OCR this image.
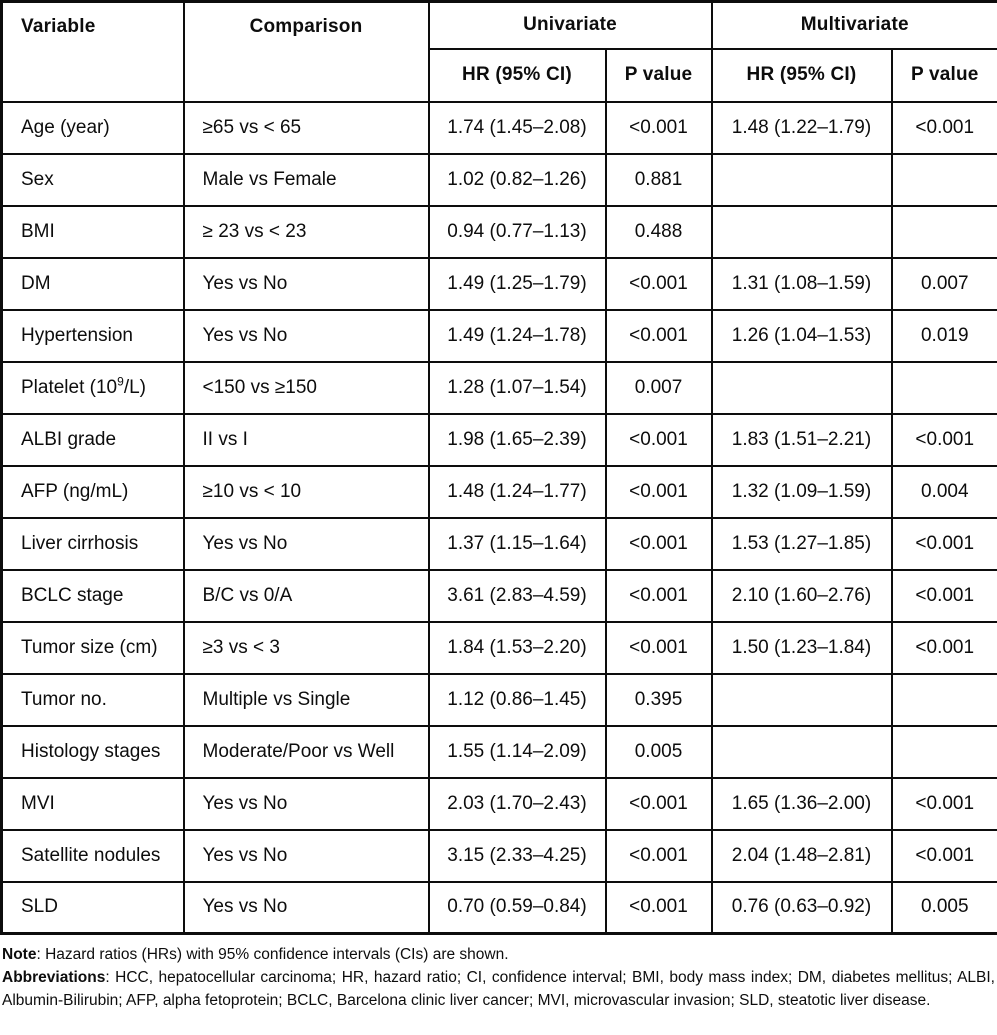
Variable	Comparison	Univariate		Multivariate	
		HR (95% CI)	P value	HR (95% CI)	P value
Age (year)	≥65 vs < 65	1.74 (1.45–2.08)	<0.001	1.48 (1.22–1.79)	<0.001
Sex	Male vs Female	1.02 (0.82–1.26)	0.881		
BMI	≥ 23 vs < 23	0.94 (0.77–1.13)	0.488		
DM	Yes vs No	1.49 (1.25–1.79)	<0.001	1.31 (1.08–1.59)	0.007
Hypertension	Yes vs No	1.49 (1.24–1.78)	<0.001	1.26 (1.04–1.53)	0.019
Platelet $(10^9/L)$	<150 vs ≥150	1.28 (1.07–1.54)	0.007		
ALBI grade	II vs I	1.98 (1.65–2.39)	<0.001	1.83 (1.51–2.21)	<0.001
AFP (ng/mL)	≥10 vs < 10	1.48 (1.24–1.77)	<0.001	1.32 (1.09–1.59)	0.004
Liver cirrhosis	Yes vs No	1.37 (1.15–1.64)	<0.001	1.53 (1.27–1.85)	<0.001
BCLC stage	B/C vs 0/A	3.61 (2.83–4.59)	<0.001	2.10 (1.60–2.76)	<0.001
Tumor size (cm)	≥3 vs < 3	1.84 (1.53–2.20)	<0.001	1.50 (1.23–1.84)	<0.001
Tumor no.	Multiple vs Single	1.12 (0.86–1.45)	0.395		
Histology stages	Moderate/Poor vs Well	1.55 (1.14–2.09)	0.005		
MVI	Yes vs No	2.03 (1.70–2.43)	<0.001	1.65 (1.36–2.00)	<0.001
Satellite nodules	Yes vs No	3.15 (2.33–4.25)	<0.001	2.04 (1.48–2.81)	<0.001
SLD	Yes vs No	0.70 (0.59–0.84)	<0.001	0.76 (0.63–0.92)	0.005

Note: Hazard ratios (HRs) with 95% confidence intervals (CIs) are shown.

Abbreviations: HCC, hepatocellular carcinoma; HR, hazard ratio; CI, confidence interval; BMI, body mass index; DM, diabetes mellitus; ALBI, Albumin-Bilirubin; AFP, alpha fetoprotein; BCLC, Barcelona clinic liver cancer; MVI, microvascular invasion; SLD, steatotic liver disease.
